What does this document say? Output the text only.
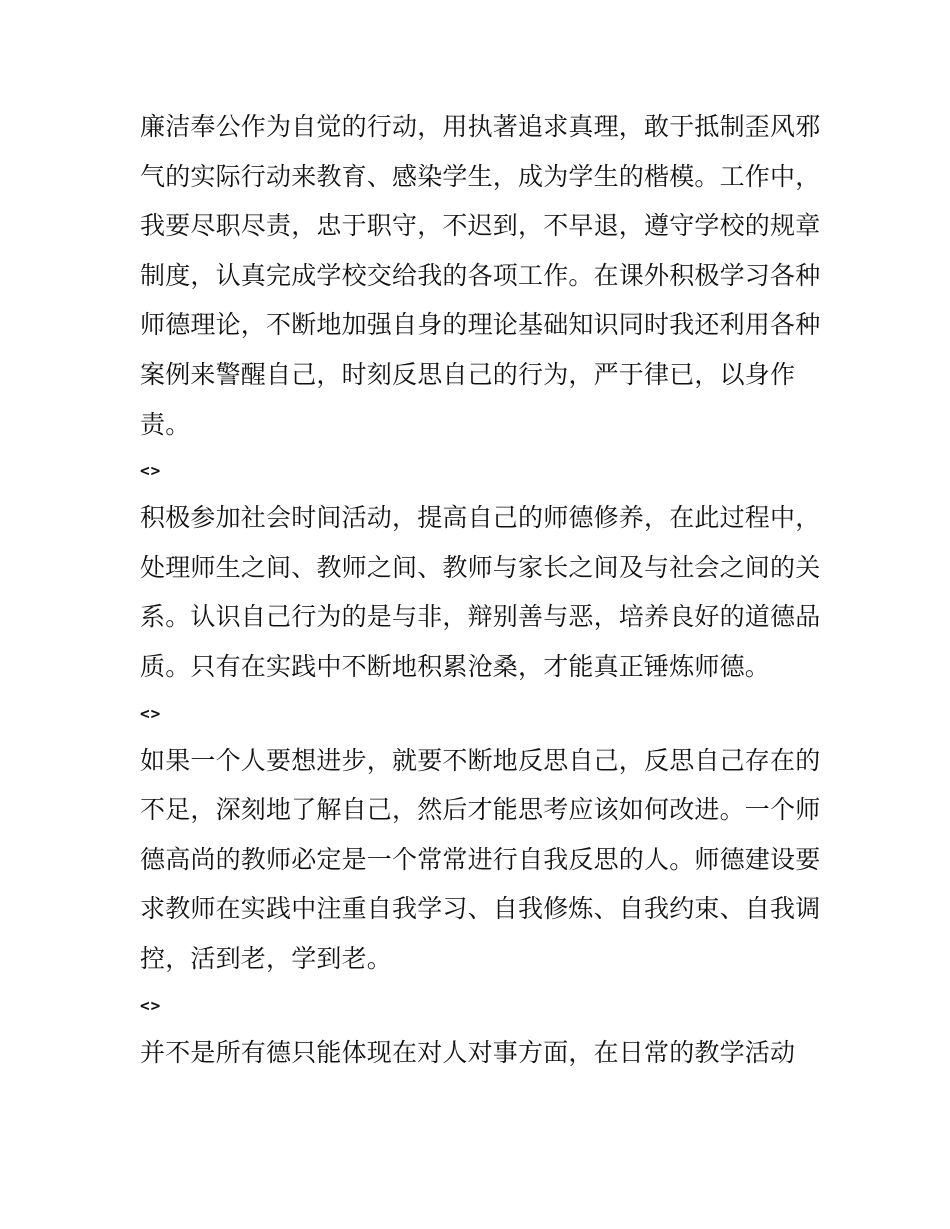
廉洁奉公作为自觉的行动，用执著追求真理，敢于抵制歪风邪
气的实际行动来教育、感染学生，成为学生的楷模。工作中，
我要尽职尽责，忠于职守，不迟到，不早退，遵守学校的规章
制度，认真完成学校交给我的各项工作。在课外积极学习各种
师德理论，不断地加强自身的理论基础知识同时我还利用各种
案例来警醒自己，时刻反思自己的行为，严于律已，以身作
责。
<>
积极参加社会时间活动，提高自己的师德修养，在此过程中，
处理师生之间、教师之间、教师与家长之间及与社会之间的关
系。认识自己行为的是与非，辩别善与恶，培养良好的道德品
质。只有在实践中不断地积累沧桑，才能真正锤炼师德。
<>
如果一个人要想进步，就要不断地反思自己，反思自己存在的
不足，深刻地了解自己，然后才能思考应该如何改进。一个师
德高尚的教师必定是一个常常进行自我反思的人。师德建设要
求教师在实践中注重自我学习、自我修炼、自我约束、自我调
控，活到老，学到老。
<>
并不是所有德只能体现在对人对事方面，在日常的教学活动
